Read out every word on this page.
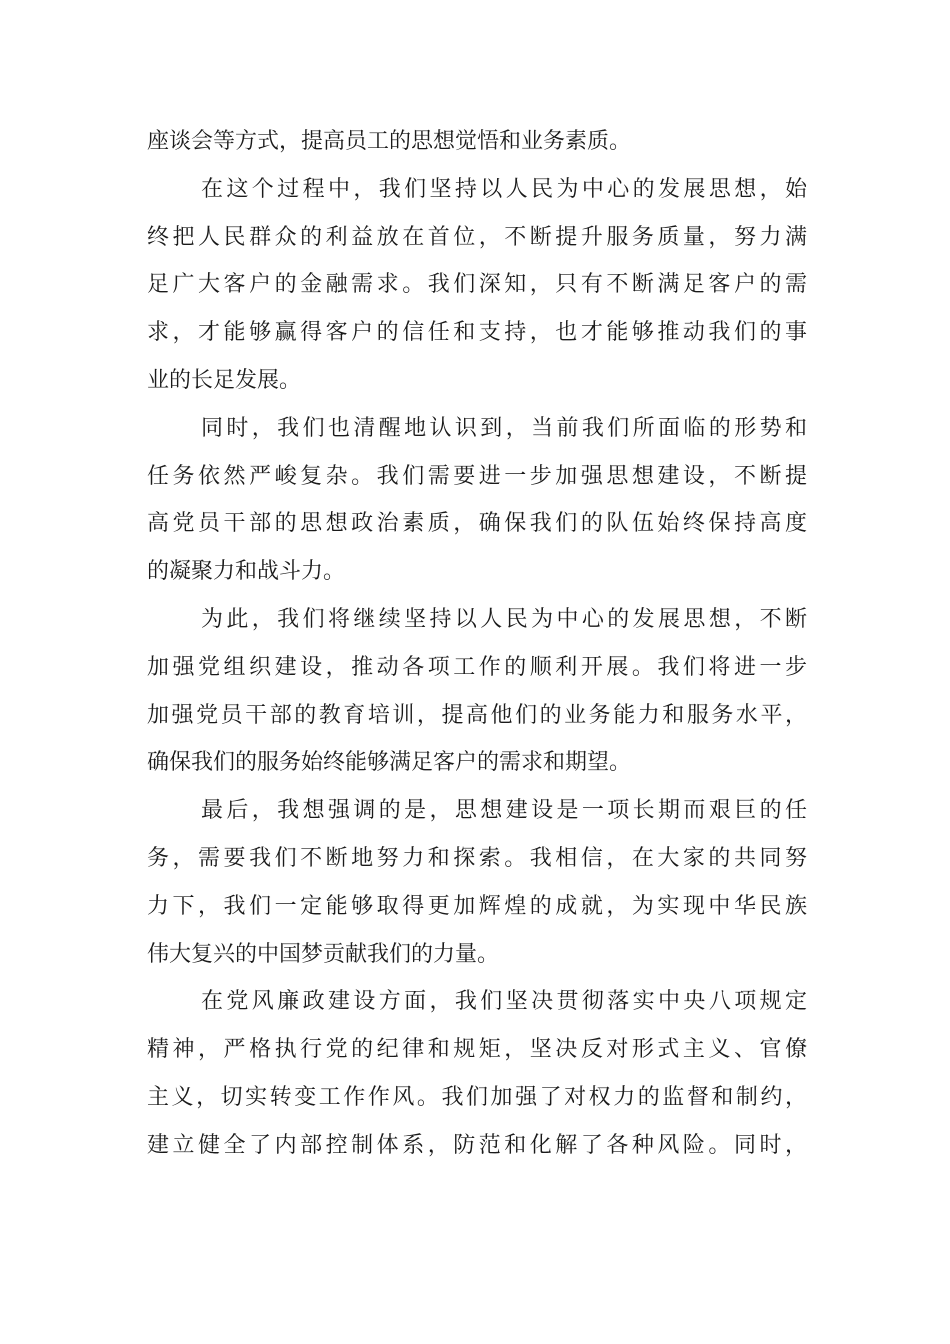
座谈会等方式，提高员工的思想觉悟和业务素质。
在这个过程中，我们坚持以人民为中心的发展思想，始
终把人民群众的利益放在首位，不断提升服务质量，努力满
足广大客户的金融需求。我们深知，只有不断满足客户的需
求，才能够赢得客户的信任和支持，也才能够推动我们的事
业的长足发展。
同时，我们也清醒地认识到，当前我们所面临的形势和
任务依然严峻复杂。我们需要进一步加强思想建设，不断提
高党员干部的思想政治素质，确保我们的队伍始终保持高度
的凝聚力和战斗力。
为此，我们将继续坚持以人民为中心的发展思想，不断
加强党组织建设，推动各项工作的顺利开展。我们将进一步
加强党员干部的教育培训，提高他们的业务能力和服务水平，
确保我们的服务始终能够满足客户的需求和期望。
最后，我想强调的是，思想建设是一项长期而艰巨的任
务，需要我们不断地努力和探索。我相信，在大家的共同努
力下，我们一定能够取得更加辉煌的成就，为实现中华民族
伟大复兴的中国梦贡献我们的力量。
在党风廉政建设方面，我们坚决贯彻落实中央八项规定
精神，严格执行党的纪律和规矩，坚决反对形式主义、官僚
主义，切实转变工作作风。我们加强了对权力的监督和制约，
建立健全了内部控制体系，防范和化解了各种风险。同时，
